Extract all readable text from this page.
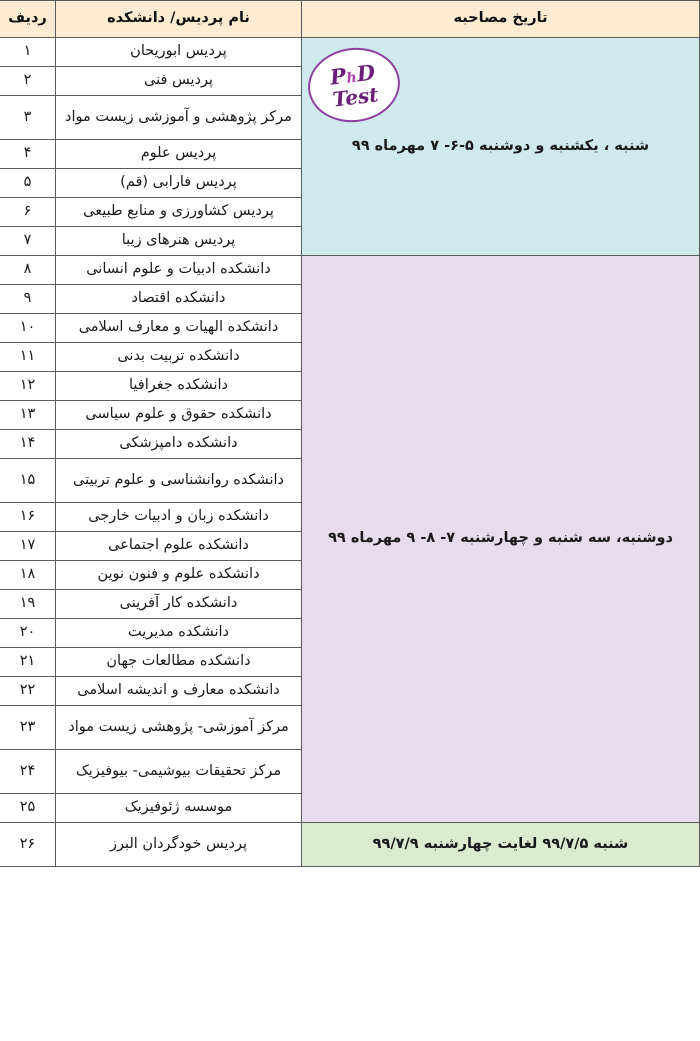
تاریخ مصاحبه	نام پردیس/ دانشکده	ردیف

شنبه ، یکشنبه و دوشنبه ۵-۶- ۷ مهرماه ۹۹	پردیس ابوریحان	۱
	پردیس فنی	۲
	مرکز پژوهشی و آموزشی زیست مواد	۳
	پردیس علوم	۴
	پردیس فارابی (قم)	۵
	پردیس کشاورزی و منابع طبیعی	۶
	پردیس هنرهای زیبا	۷

دوشنبه، سه شنبه و چهارشنبه ۷- ۸- ۹ مهرماه ۹۹	دانشکده ادبیات و علوم انسانی	۸
	دانشکده اقتصاد	۹
	دانشکده الهیات و معارف اسلامی	۱۰
	دانشکده تربیت بدنی	۱۱
	دانشکده جغرافیا	۱۲
	دانشکده حقوق و علوم سیاسی	۱۳
	دانشکده دامپزشکی	۱۴
	دانشکده روانشناسی و علوم تربیتی	۱۵
	دانشکده زبان و ادبیات خارجی	۱۶
	دانشکده علوم اجتماعی	۱۷
	دانشکده علوم و فنون نوین	۱۸
	دانشکده کار آفرینی	۱۹
	دانشکده مدیریت	۲۰
	دانشکده مطالعات جهان	۲۱
	دانشکده معارف و اندیشه اسلامی	۲۲
	مرکز آموزشی- پژوهشی زیست مواد	۲۳
	مرکز تحقیقات بیوشیمی- بیوفیزیک	۲۴
	موسسه ژئوفیزیک	۲۵

شنبه ۹۹/۷/۵ لغایت چهارشنبه ۹۹/۷/۹	پردیس خودگردان البرز	۲۶
PhD
Test
